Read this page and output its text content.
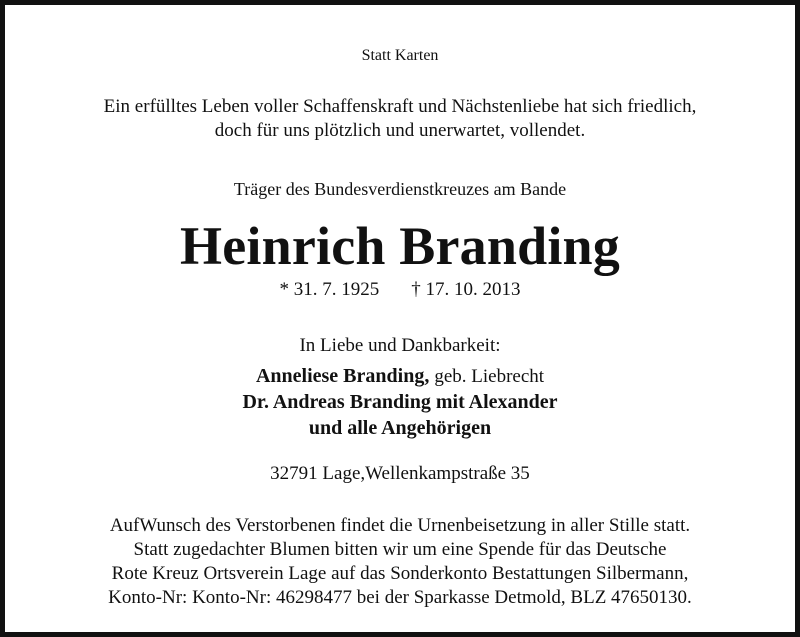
Statt Karten
Ein erfülltes Leben voller Schaffenskraft und Nächstenliebe hat sich friedlich,
doch für uns plötzlich und unerwartet, vollendet.
Träger des Bundesverdienstkreuzes am Bande
Heinrich Branding
* 31. 7. 1925 † 17. 10. 2013
In Liebe und Dankbarkeit:
Anneliese Branding, geb. Liebrecht
Dr. Andreas Branding mit Alexander
und alle Angehörigen
32791 Lage,Wellenkampstraße 35
AufWunsch des Verstorbenen findet die Urnenbeisetzung in aller Stille statt.
Statt zugedachter Blumen bitten wir um eine Spende für das Deutsche
Rote Kreuz Ortsverein Lage auf das Sonderkonto Bestattungen Silbermann,
Konto-Nr: Konto-Nr: 46298477 bei der Sparkasse Detmold, BLZ 47650130.
